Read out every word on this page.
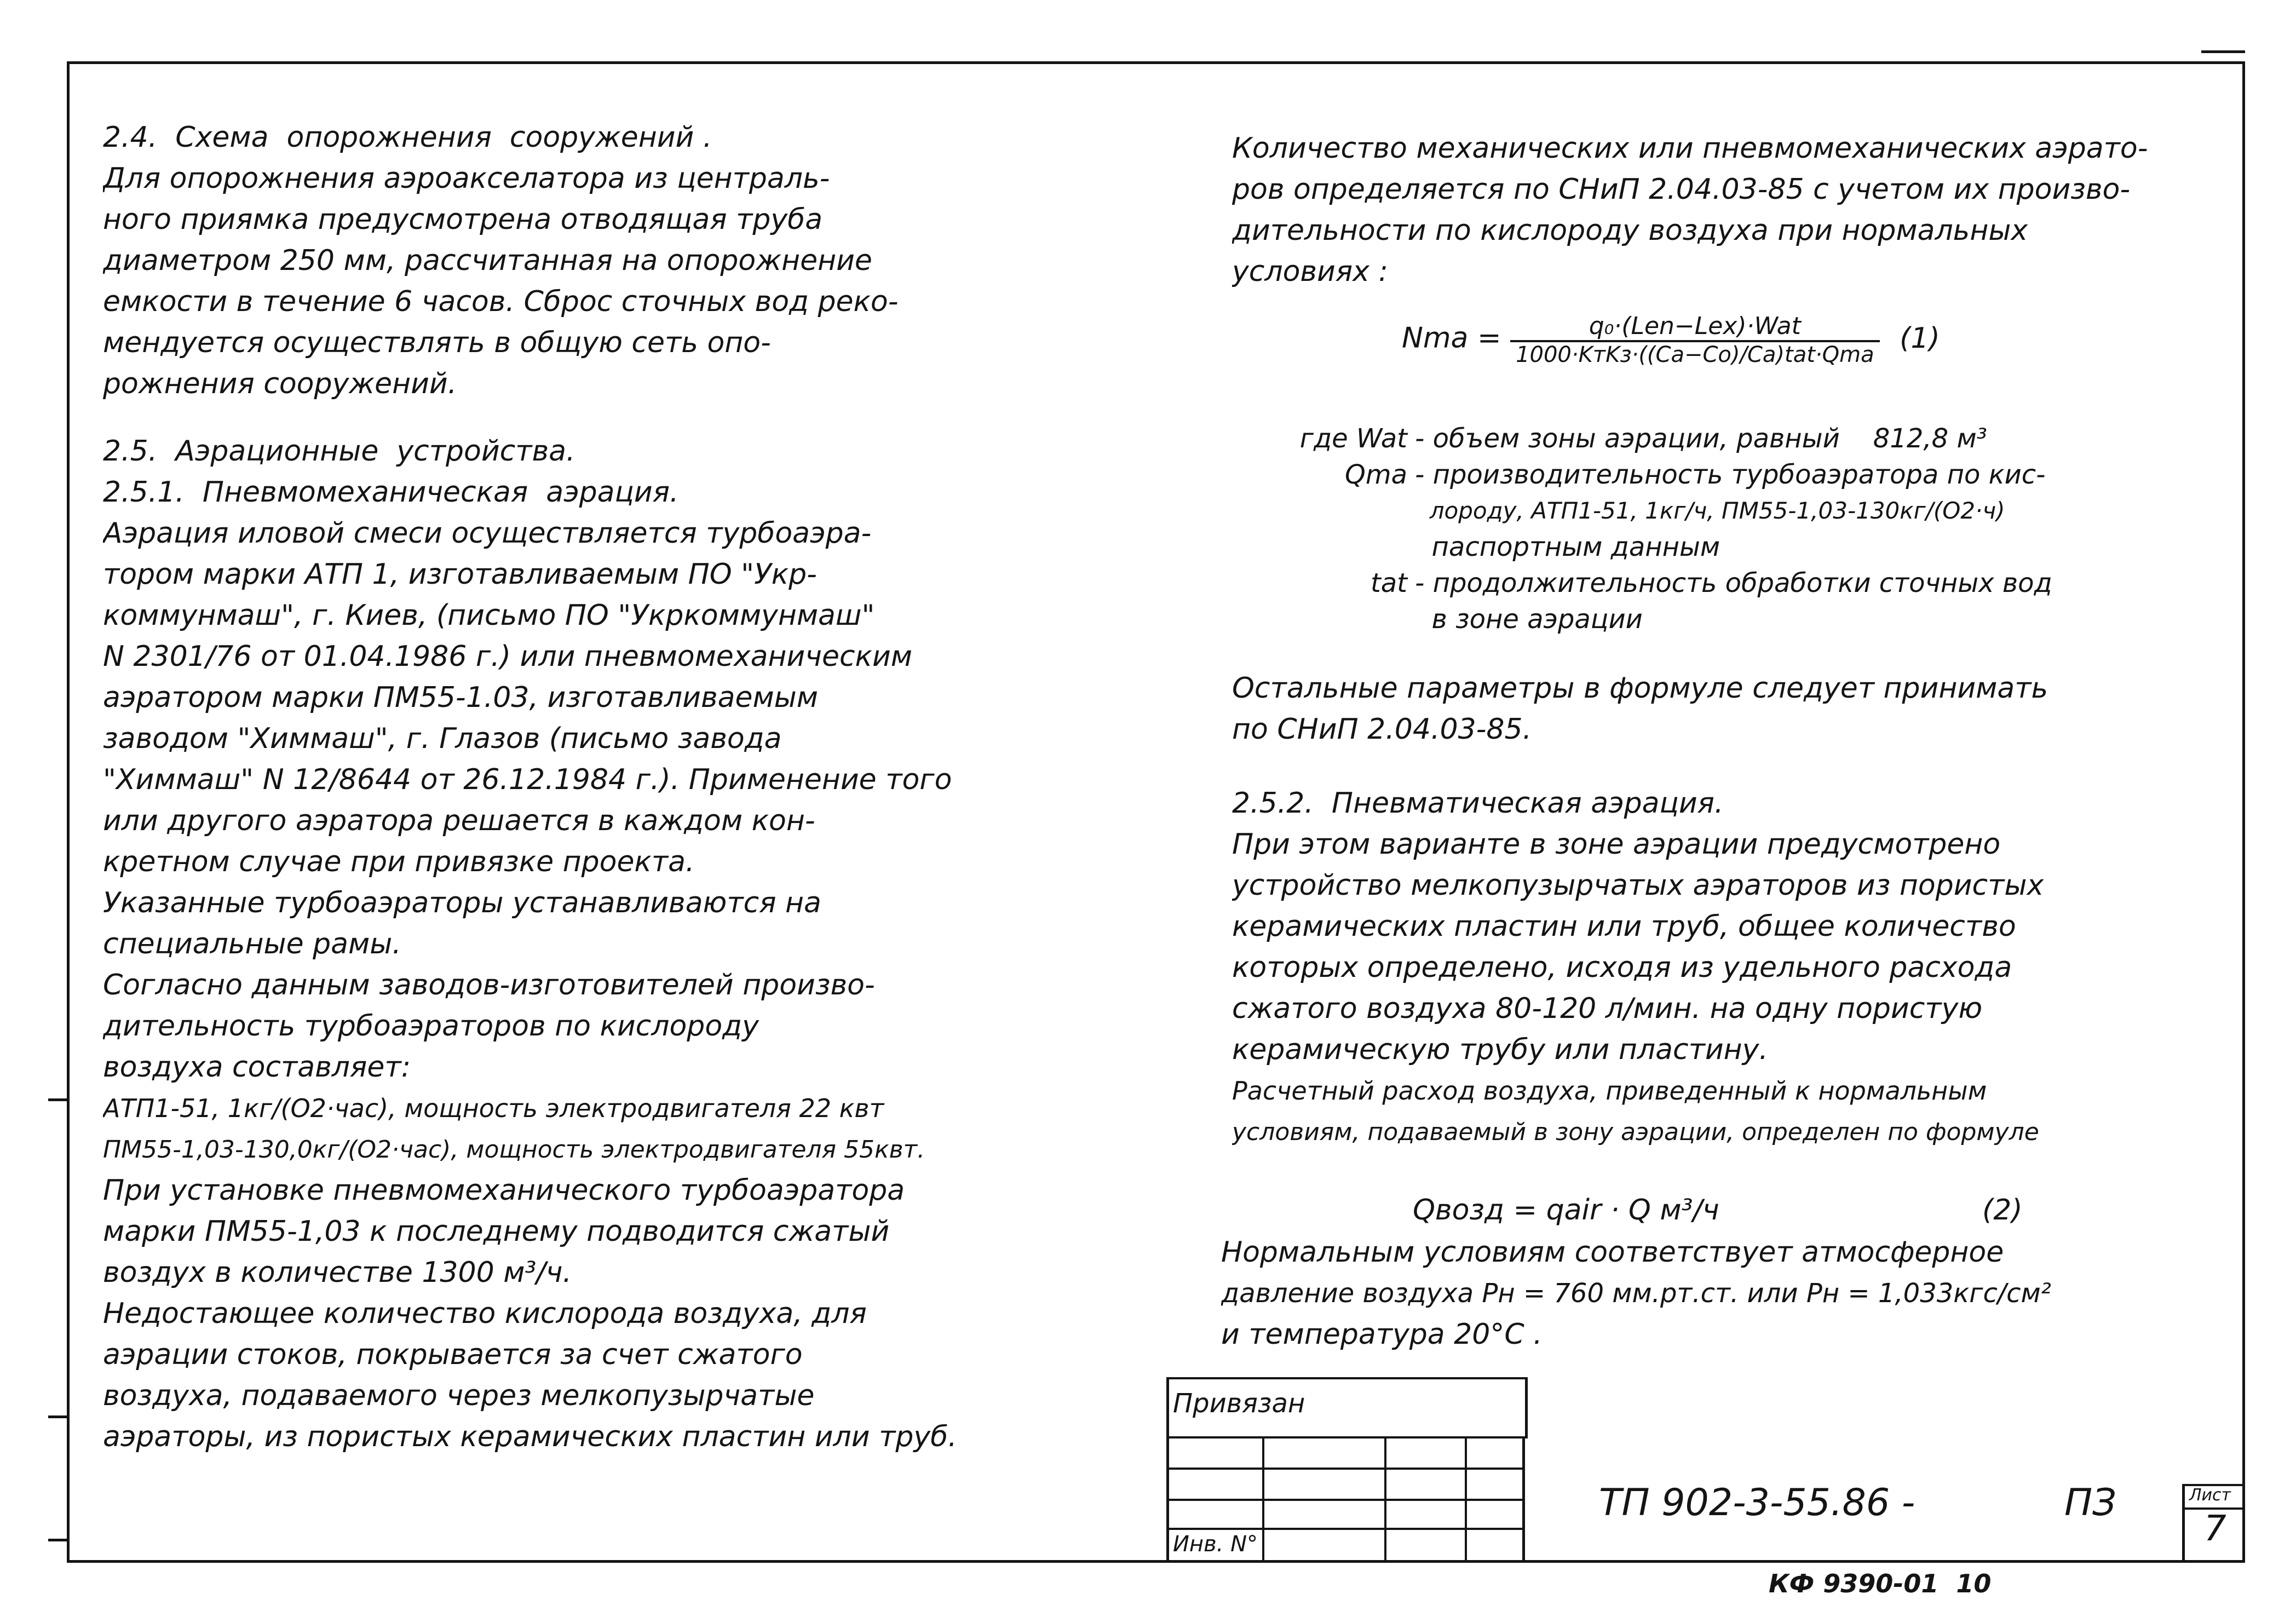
2.4.  Схема  опорожнения  сооружений .
Для опорожнения аэроакселатора из централь-
ного приямка предусмотрена отводящая труба
диаметром 250 мм, рассчитанная на опорожнение
емкости в течение 6 часов. Сброс сточных вод реко-
мендуется осуществлять в общую сеть опо-
рожнения сооружений.
2.5.  Аэрационные  устройства.
2.5.1.  Пневмомеханическая  аэрация.
Аэрация иловой смеси осуществляется турбоаэра-
тором марки АТП 1, изготавливаемым ПО "Укр-
коммунмаш", г. Киев, (письмо ПО "Укркоммунмаш"
N 2301/76 от 01.04.1986 г.) или пневмомеханическим
аэратором марки ПМ55-1.03, изготавливаемым
заводом "Химмаш", г. Глазов (письмо завода
"Химмаш" N 12/8644 от 26.12.1984 г.). Применение того
или другого аэратора решается в каждом кон-
кретном случае при привязке проекта.
Указанные турбоаэраторы устанавливаются на
специальные рамы.
Согласно данным заводов-изготовителей произво-
дительность турбоаэраторов по кислороду
воздуха составляет:
АТП1-51, 1кг/(О2·час), мощность электродвигателя 22 квт
ПМ55-1,03-130,0кг/(О2·час), мощность электродвигателя 55квт.
При установке пневмомеханического турбоаэратора
марки ПМ55-1,03 к последнему подводится сжатый
воздух в количестве 1300 м³/ч.
Недостающее количество кислорода воздуха, для
аэрации стоков, покрывается за счет сжатого
воздуха, подаваемого через мелкопузырчатые
аэраторы, из пористых керамических пластин или труб.
Количество механических или пневмомеханических аэрато-
ров определяется по СНиП 2.04.03-85 с учетом их произво-
дительности по кислороду воздуха при нормальных
условиях :
Nma = $\frac{\text{q₀·(Len−Lex)·Wat}}{\text{1000·KтKз·((Ca−Co)/Ca)tat·Qma}} (1)$
где Wat - объем зоны аэрации, равный    812,8 м³
Qma - производительность турбоаэратора по кис-
лороду, АТП1-51, 1кг/ч, ПМ55-1,03-130кг/(О2·ч)
паспортным данным
tat - продолжительность обработки сточных вод
в зоне аэрации
Остальные параметры в формуле следует принимать
по СНиП 2.04.03-85.
2.5.2.  Пневматическая аэрация.
При этом варианте в зоне аэрации предусмотрено
устройство мелкопузырчатых аэраторов из пористых
керамических пластин или труб, общее количество
которых определено, исходя из удельного расхода
сжатого воздуха 80-120 л/мин. на одну пористую
керамическую трубу или пластину.
Расчетный расход воздуха, приведенный к нормальным
условиям, подаваемый в зону аэрации, определен по формуле
Qвозд = qair · Q м³/ч	(2)
Нормальным условиям соответствует атмосферное
давление воздуха Рн = 760 мм.рт.ст. или Рн = 1,033кгс/см²
и температура 20°С .
Привязан
Инв. N°
ТП 902-3-55.86 -	ПЗ	Лист
7
КФ 9390-01  10
